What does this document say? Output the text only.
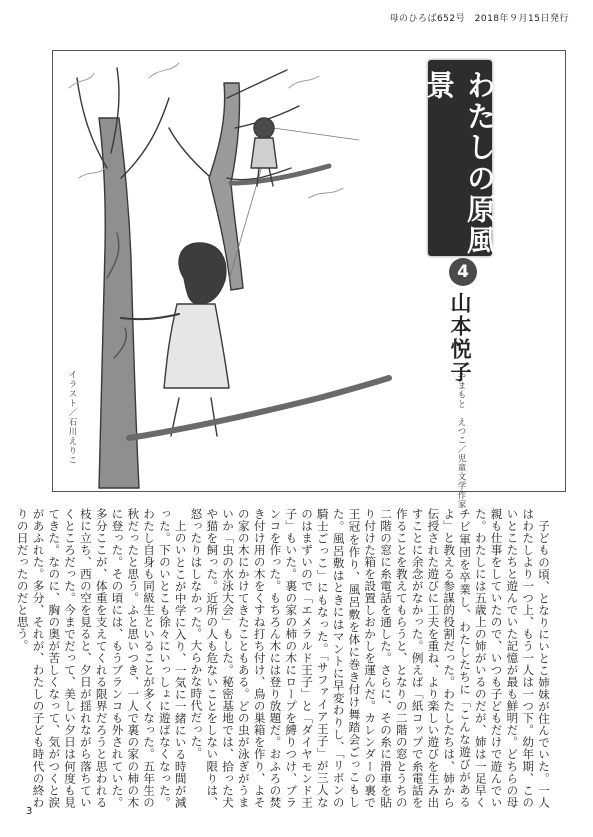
母のひろば652号　2018年９月15日発行
イラスト／石川えりこ
わたしの原風景
4
山本悦子
やまもと　えつこ／児童文学作家

子どもの頃、となりにいとこ姉妹が住んでいた。一人はわたしより一つ上、もう一人は一つ下。幼年期、このいとこたちと遊んでいた記憶が最も鮮明だ。どちらの母親も仕事をしていたので、いつも子どもだけで遊んでいた。わたしには五歳上の姉がいるのだが、姉は一足早くチビ軍団を卒業し、わたしたちに「こんな遊びがあるよ」と教える参謀的役割だった。わたしたちは、姉から伝授された遊びに工夫を重ね、より楽しい遊びを生み出すことに余念がなかった。例えば「紙コップで糸電話を作ることを教えてもらうと、となりの二階の窓とうちの二階の窓に糸電話を通した。さらに、その糸に滑車を貼り付けた箱を設置しおかしを運んだ。カレンダーの裏で王冠を作り、風呂敷を体に巻き付け舞踏会ごっこもした。風呂敷はときにはマントに早変わりし、「リボンの騎士ごっこ」にもなった。「サファイア王子」が三人なのはまずいので「エメラルド王子」と「ダイヤモンド王子」もいた。裏の家の柿の木にロープを縛りつけ、ブランコを作った。もちろん木には登り放題だ。おふろの焚き付け用の木をくすね打ち付け、鳥の巣箱を作り、よその家の木にかけてきたこともある。どの虫が泳ぎがうまいか「虫の水泳大会」もした。秘密基地では、拾った犬や猫を飼った。近所の人も危ないことをしない限りは、怒ったりはしなかった。大らかな時代だった。

上のいとこが中学に入り、一気に一緒にいる時間が減った。下のいとこも徐々にいっしょに遊ばなくなった。わたし自身も同級生といることが多くなった。五年生の秋だったと思う。ふと思いつき、一人で裏の家の柿の木に登った。その頃には、もうブランコも外されていた。多分ここが、体重を支えてくれる限界だろうと思われる枝に立ち、西の空を見ると、夕日が揺れながら落ちていくところだった。今までだって、美しい夕日は何度も見てきた。なのに、胸の奥が苦しくなって、気がつくと涙があふれた。多分、それが、わたしの子ども時代の終わりの日だったのだと思う。

3
